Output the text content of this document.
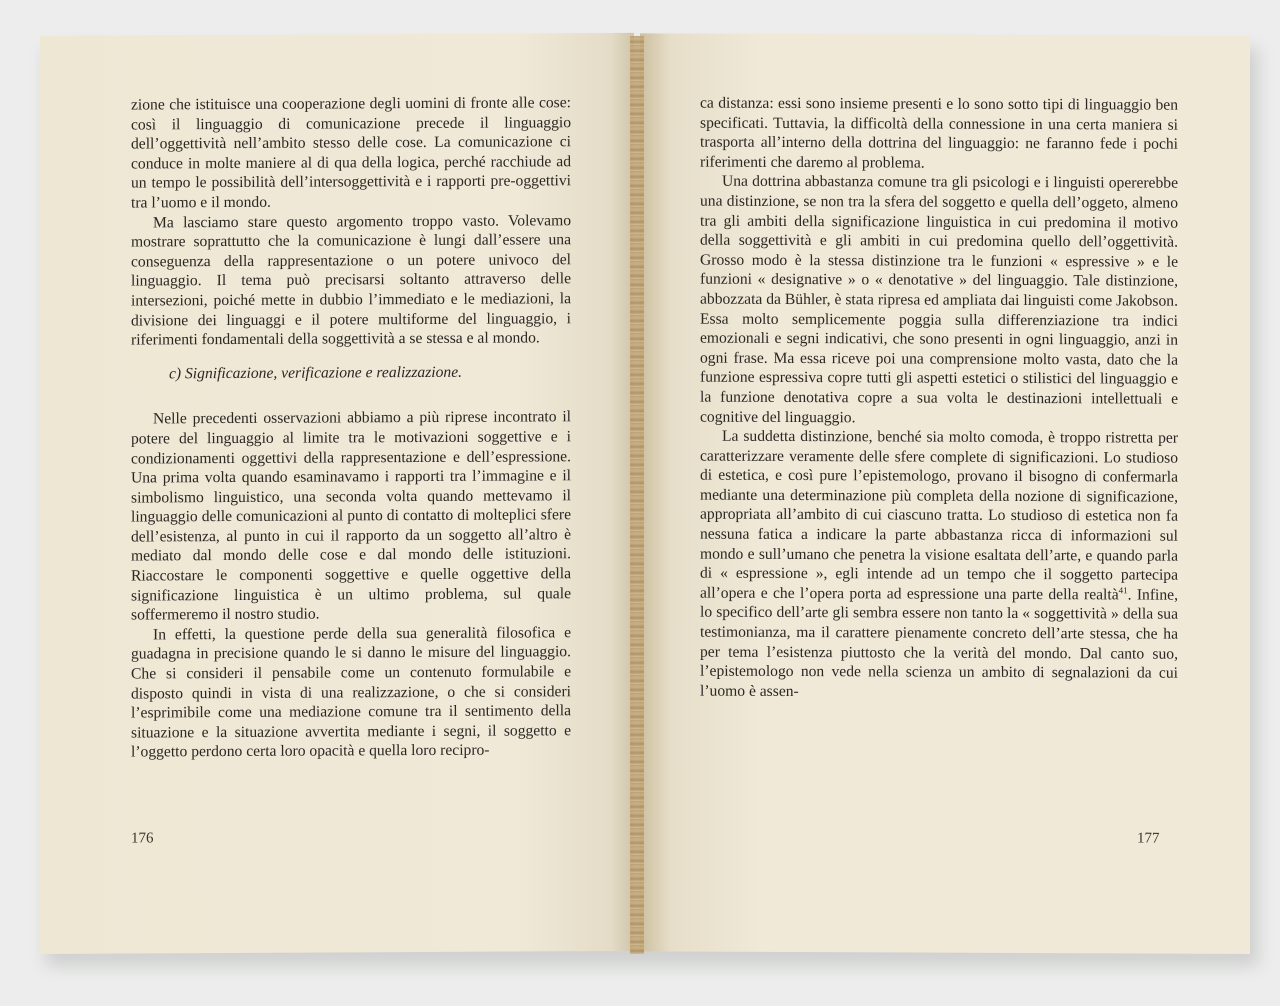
zione che istituisce una cooperazione degli uomini di fronte alle cose: così il linguaggio di comunicazione precede il linguaggio dell’oggettività nell’ambito stesso delle cose. La comunicazione ci conduce in molte maniere al di qua della logica, perché racchiude ad un tempo le possibilità dell’intersoggettività e i rapporti pre-oggettivi tra l’uomo e il mondo.

Ma lasciamo stare questo argomento troppo vasto. Volevamo mostrare soprattutto che la comunicazione è lungi dall’essere una conseguenza della rappresentazione o un potere univoco del linguaggio. Il tema può precisarsi soltanto attraverso delle intersezioni, poiché mette in dubbio l’immediato e le mediazioni, la divisione dei linguaggi e il potere multiforme del linguaggio, i riferimenti fondamentali della soggettività a se stessa e al mondo.

c) Significazione, verificazione e realizzazione.

Nelle precedenti osservazioni abbiamo a più riprese incontrato il potere del linguaggio al limite tra le motivazioni soggettive e i condizionamenti oggettivi della rappresentazione e dell’espressione. Una prima volta quando esaminavamo i rapporti tra l’immagine e il simbolismo linguistico, una seconda volta quando mettevamo il linguaggio delle comunicazioni al punto di contatto di molteplici sfere dell’esistenza, al punto in cui il rapporto da un soggetto all’altro è mediato dal mondo delle cose e dal mondo delle istituzioni. Riaccostare le componenti soggettive e quelle oggettive della significazione linguistica è un ultimo problema, sul quale soffermeremo il nostro studio.

In effetti, la questione perde della sua generalità filosofica e guadagna in precisione quando le si danno le misure del linguaggio. Che si consideri il pensabile come un contenuto formulabile e disposto quindi in vista di una realizzazione, o che si consideri l’esprimibile come una mediazione comune tra il sentimento della situazione e la situazione avvertita mediante i segni, il soggetto e l’oggetto perdono certa loro opacità e quella loro recipro-

176

ca distanza: essi sono insieme presenti e lo sono sotto tipi di linguaggio ben specificati. Tuttavia, la difficoltà della connessione in una certa maniera si trasporta all’interno della dottrina del linguaggio: ne faranno fede i pochi riferimenti che daremo al problema.

Una dottrina abbastanza comune tra gli psicologi e i linguisti opererebbe una distinzione, se non tra la sfera del soggetto e quella dell’oggeto, almeno tra gli ambiti della significazione linguistica in cui predomina il motivo della soggettività e gli ambiti in cui predomina quello dell’oggettività. Grosso modo è la stessa distinzione tra le funzioni « espressive » e le funzioni « designative » o « denotative » del linguaggio. Tale distinzione, abbozzata da Bühler, è stata ripresa ed ampliata dai linguisti come Jakobson. Essa molto semplicemente poggia sulla differenziazione tra indici emozionali e segni indicativi, che sono presenti in ogni linguaggio, anzi in ogni frase. Ma essa riceve poi una comprensione molto vasta, dato che la funzione espressiva copre tutti gli aspetti estetici o stilistici del linguaggio e la funzione denotativa copre a sua volta le destinazioni intellettuali e cognitive del linguaggio.

La suddetta distinzione, benché sia molto comoda, è troppo ristretta per caratterizzare veramente delle sfere complete di significazioni. Lo studioso di estetica, e così pure l’epistemologo, provano il bisogno di confermarla mediante una determinazione più completa della nozione di significazione, appropriata all’ambito di cui ciascuno tratta. Lo studioso di estetica non fa nessuna fatica a indicare la parte abbastanza ricca di informazioni sul mondo e sull’umano che penetra la visione esaltata dell’arte, e quando parla di « espressione », egli intende ad un tempo che il soggetto partecipa all’opera e che l’opera porta ad espressione una parte della realtà$^{41}$. Infine, lo specifico dell’arte gli sembra essere non tanto la « soggettività » della sua testimonianza, ma il carattere pienamente concreto dell’arte stessa, che ha per tema l’esistenza piuttosto che la verità del mondo. Dal canto suo, l’epistemologo non vede nella scienza un ambito di segnalazioni da cui l’uomo è assen-

177
